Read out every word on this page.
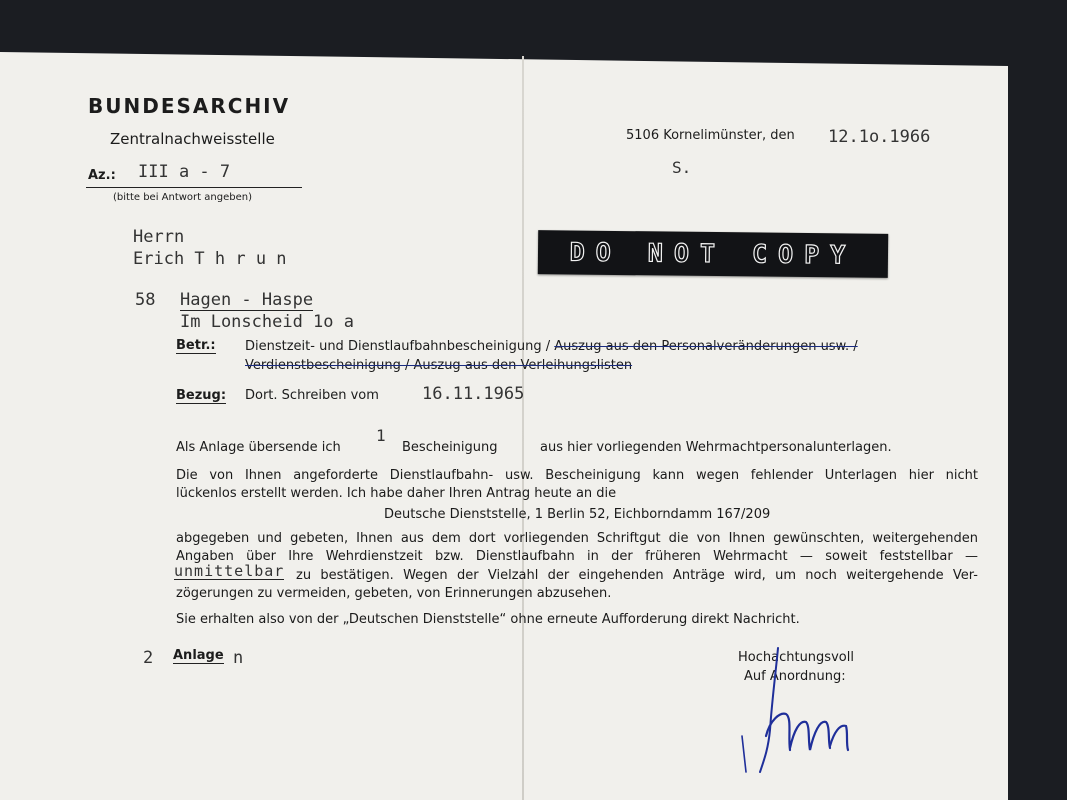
BUNDESARCHIV
Zentralnachweisstelle
Az.: III a - 7
(bitte bei Antwort angeben)
5106 Kornelimünster, den 12.1o.1966
S.
DO NOT COPY
Herrn
Erich T h r u n
58 Hagen - Haspe
Im Lonscheid 1o a
Betr.: Dienstzeit- und Dienstlaufbahnbescheinigung / Auszug aus den Personalveränderungen usw. /
Verdienstbescheinigung / Auszug aus den Verleihungslisten
Bezug: Dort. Schreiben vom	16.11.1965
Als Anlage übersende ich
1
Bescheinigung	aus hier vorliegenden Wehrmachtpersonalunterlagen.
Die von Ihnen angeforderte Dienstlaufbahn- usw. Bescheinigung kann wegen fehlender Unterlagen hier nicht
lückenlos erstellt werden. Ich habe daher Ihren Antrag heute an die
Deutsche Dienststelle, 1 Berlin 52, Eichborndamm 167/209
abgegeben und gebeten, Ihnen aus dem dort vorliegenden Schriftgut die von Ihnen gewünschten, weitergehenden
Angaben über Ihre Wehrdienstzeit bzw. Dienstlaufbahn in der früheren Wehrmacht — soweit feststellbar —
unmittelbar zu bestätigen. Wegen der Vielzahl der eingehenden Anträge wird, um noch weitergehende Ver-
zögerungen zu vermeiden, gebeten, von Erinnerungen abzusehen.
Sie erhalten also von der „Deutschen Dienststelle“ ohne erneute Aufforderung direkt Nachricht.
2 Anlage n	Hochachtungsvoll
Auf Anordnung:
